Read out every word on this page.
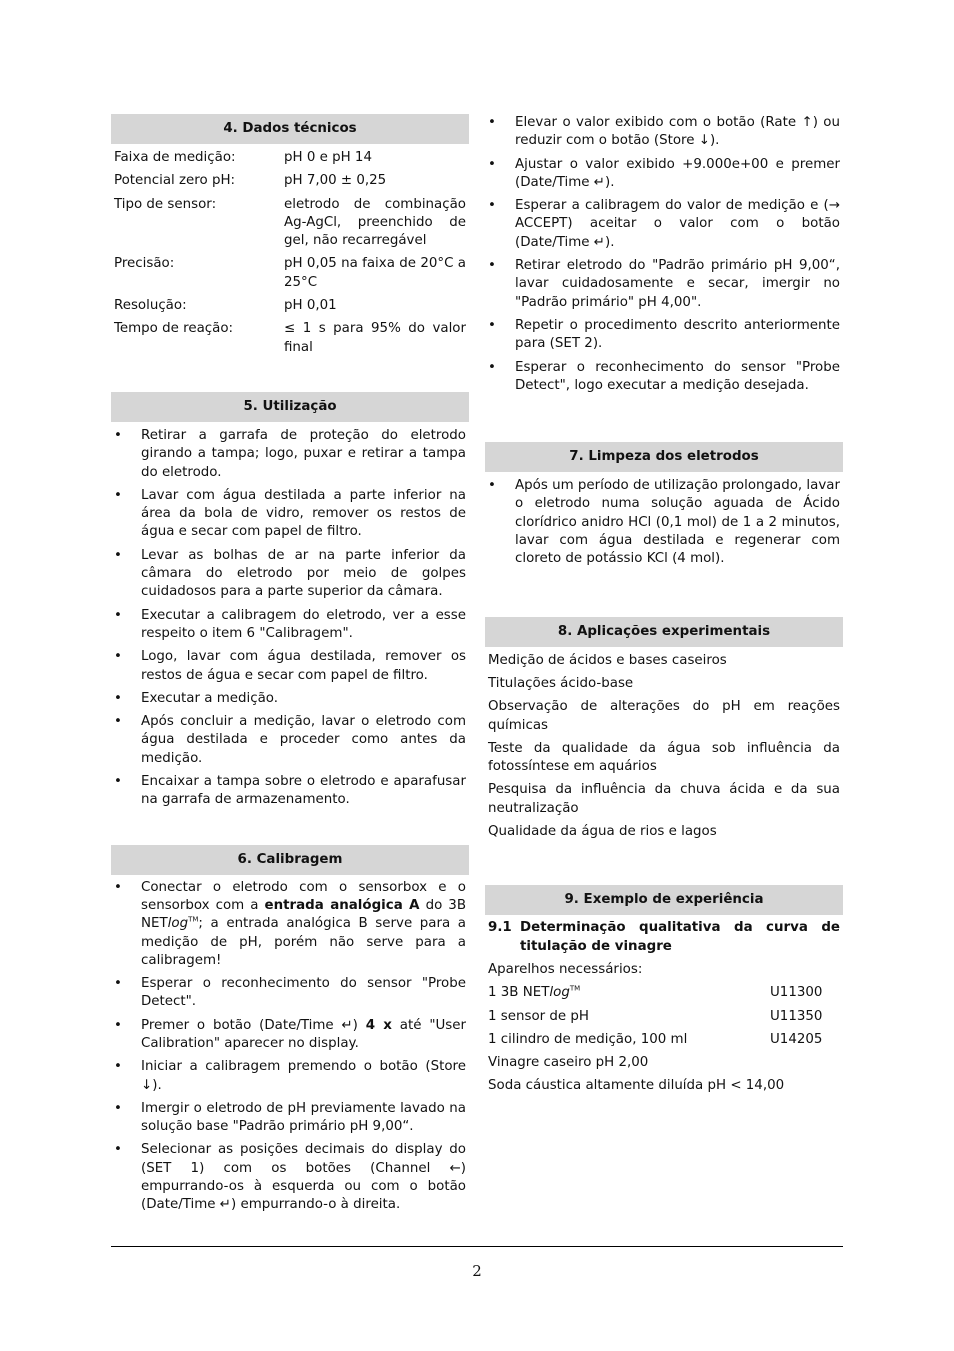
4. Dados técnicos
Faixa de medição:	pH 0 e pH 14
Potencial zero pH:	pH 7,00 ± 0,25
Tipo de sensor:	eletrodo de combinação Ag-AgCl, preenchido de gel, não recarregável
Precisão:	pH 0,05 na faixa de 20°C a 25°C
Resolução:	pH 0,01
Tempo de reação:	≤ 1 s para 95% do valor final
5. Utilização
• Retirar a garrafa de proteção do eletrodo girando a tampa; logo, puxar e retirar a tampa do eletrodo.
• Lavar com água destilada a parte inferior na área da bola de vidro, remover os restos de água e secar com papel de filtro.
• Levar as bolhas de ar na parte inferior da câmara do eletrodo por meio de golpes cuidadosos para a parte superior da câmara.
• Executar a calibragem do eletrodo, ver a esse respeito o item 6 "Calibragem".
• Logo, lavar com água destilada, remover os restos de água e secar com papel de filtro.
• Executar a medição.
• Após concluir a medição, lavar o eletrodo com água destilada e proceder como antes da medição.
• Encaixar a tampa sobre o eletrodo e aparafusar na garrafa de armazenamento.
6. Calibragem
• Conectar o eletrodo com o sensorbox e o sensorbox com a entrada analógica A do 3B NETlog™; a entrada analógica B serve para a medição de pH, porém não serve para a calibragem!
• Esperar o reconhecimento do sensor "Probe Detect".
• Premer o botão (Date/Time ↵) 4 x até "User Calibration" aparecer no display.
• Iniciar a calibragem premendo o botão (Store ↓).
• Imergir o eletrodo de pH previamente lavado na solução base "Padrão primário pH 9,00“.
• Selecionar as posições decimais do display do (SET 1) com os botões (Channel ←) empurrando-os à esquerda ou com o botão (Date/Time ↵) empurrando-o à direita.
• Elevar o valor exibido com o botão (Rate ↑) ou reduzir com o botão (Store ↓).
• Ajustar o valor exibido +9.000e+00 e premer (Date/Time ↵).
• Esperar a calibragem do valor de medição e (→ ACCEPT) aceitar o valor com o botão (Date/Time ↵).
• Retirar eletrodo do "Padrão primário pH 9,00“, lavar cuidadosamente e secar, imergir no "Padrão primário" pH 4,00".
• Repetir o procedimento descrito anteriormente para (SET 2).
• Esperar o reconhecimento do sensor "Probe Detect", logo executar a medição desejada.
7. Limpeza dos eletrodos
• Após um período de utilização prolongado, lavar o eletrodo numa solução aguada de Ácido clorídrico anidro HCl (0,1 mol) de 1 a 2 minutos, lavar com água destilada e regenerar com cloreto de potássio KCl (4 mol).
8. Aplicações experimentais
Medição de ácidos e bases caseiros
Titulações ácido-base
Observação de alterações do pH em reações químicas
Teste da qualidade da água sob influência da fotossíntese em aquários
Pesquisa da influência da chuva ácida e da sua neutralização
Qualidade da água de rios e lagos
9. Exemplo de experiência
9.1 Determinação qualitativa da curva de titulação de vinagre
Aparelhos necessários:
1 3B NETlog™	U11300
1 sensor de pH	U11350
1 cilindro de medição, 100 ml	U14205
Vinagre caseiro pH 2,00
Soda cáustica altamente diluída pH < 14,00
2
